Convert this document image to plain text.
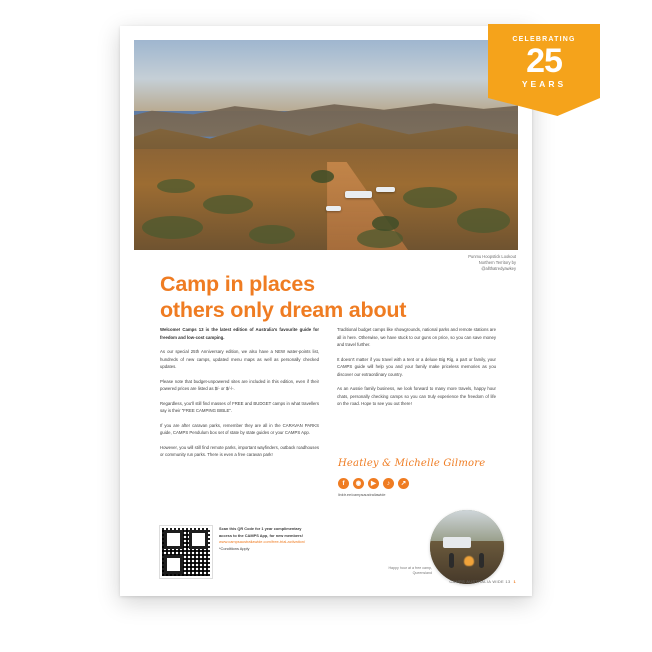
Punmu Hoopstick Lookout
Northern Territory by
@allthatredyawkey
Camp in places
others only dream about

Welcome! Camps 13 is the latest edition of Australia's favourite guide for freedom and low-cost camping.

As our special 25th Anniversary edition, we also have a NEW water-points list, hundreds of new camps, updated menu maps as well as personally checked updates.

Please note that budget-unpowered sites are included in this edition, even if their powered prices are listed as $/- or $/-/-.

Regardless, you'll still find masses of FREE and BUDGET camps in what travellers say is their "FREE CAMPING BIBLE".

If you are after caravan parks, remember they are all in the CARAVAN PARKS guide, CAMPS Pendulum box set of state by state guides or your CAMPS App.

However, you will still find remote parks, important wayfinders, outback roadhouses or community run parks. There is even a free caravan park!

Traditional budget camps like showgrounds, national parks and remote stations are all in here. Otherwise, we have stuck to our guns on price, so you can save money and travel further.

It doesn't matter if you travel with a tent or a deluxe Big Rig, a part or family, your CAMPS guide will help you and your family make priceless memories as you discover our extraordinary country.

As an Aussie family business, we look forward to many more travels, happy hour chats, personally checking camps so you can truly experience the freedom of life on the road. Hope to see you out there!

Heatley & Michelle Gilmore
f	◉	▶	♪	↗
linktr.ee/campsaustraliawide
Scan this QR Code for 1 year complimentary access to the CAMPS App, for new members!
www.campsaustraliawide.com/free-trial-activation/
*Conditions Apply
Happy hour at a free camp,
Queensland
CAMPS AUSTRALIA WIDE 13 1
CELEBRATING
25
YEARS
